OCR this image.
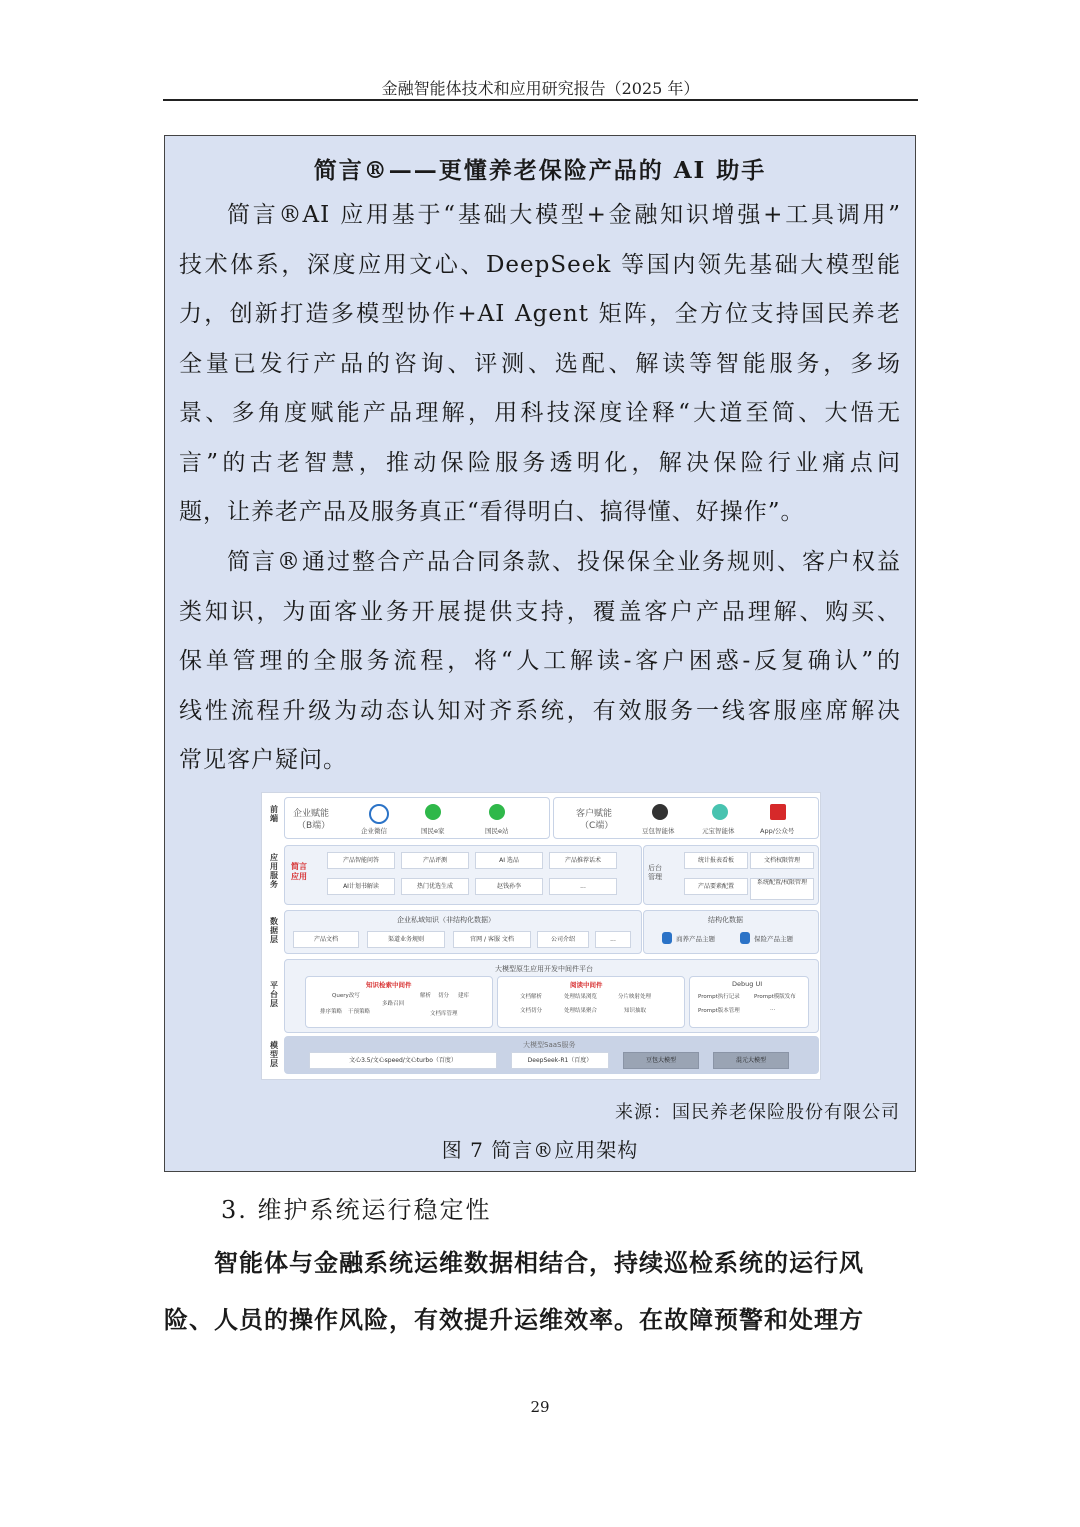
金融智能体技术和应用研究报告（2025 年）
简言®——更懂养老保险产品的 AI 助手
简言®AI 应用基于“基础大模型+金融知识增强+工具调用”
技术体系，深度应用文心、DeepSeek 等国内领先基础大模型能
力，创新打造多模型协作+AI Agent 矩阵，全方位支持国民养老
全量已发行产品的咨询、评测、选配、解读等智能服务，多场
景、多角度赋能产品理解，用科技深度诠释“大道至简、大悟无
言”的古老智慧，推动保险服务透明化，解决保险行业痛点问
题，让养老产品及服务真正“看得明白、搞得懂、好操作”。
简言®通过整合产品合同条款、投保保全业务规则、客户权益
类知识，为面客业务开展提供支持，覆盖客户产品理解、购买、
保单管理的全服务流程，将“人工解读-客户困惑-反复确认”的
线性流程升级为动态认知对齐系统，有效服务一线客服座席解决
常见客户疑问。
前端
应用服务
数据层
平台层
模型层
企业赋能
（B端）	企业微信	国民e家	国民e站
客户赋能
（C端）	豆包智能体	元宝智能体	App/公众号
简言应用
产品智能问答	产品评测	AI 选品	产品推荐话术
AI计划书解读	热门优选生成	赵钱孙李	...
后台管理
统计报表看板	文档权限管理
产品要素配置
系统配置/权限管理
企业私域知识（非结构化数据）
产品文档	渠道业务规则	官网 / 客服 文档	公司介绍	...
结构化数据
商养产品主题	保险产品主题
大模型原生应用开发中间件平台
知识检索中间件
Query改写
多路召回
解析 切分 建库
排序策略 干预策略	文档库管理
阅读中间件
文档解析	处理结果浏览	分片映射处理
文档切分	处理结果聚合	知识抽取
Debug UI
Prompt执行记录	Prompt模版发布
Prompt版本管理	...
大模型SaaS服务
文心3.5/文心speed/文心turbo（百度）	DeepSeek-R1（百度）	豆包大模型	混元大模型
来源：国民养老保险股份有限公司
图 7 简言®应用架构
3. 维护系统运行稳定性
智能体与金融系统运维数据相结合，持续巡检系统的运行风
险、人员的操作风险，有效提升运维效率。在故障预警和处理方
29
